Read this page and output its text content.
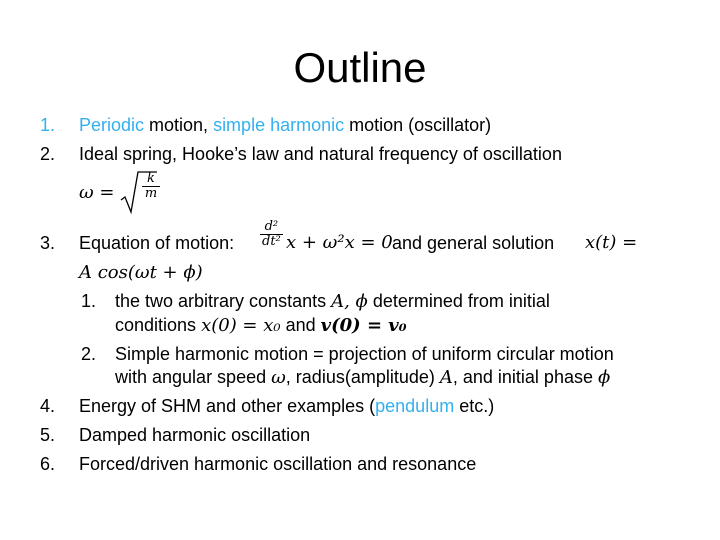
Outline
1. Periodic motion, simple harmonic motion (oscillator)
2. Ideal spring, Hooke’s law and natural frequency of oscillation
$\omega = \frac{k}{m}$
3. Equation of motion: $\frac{\text{d²}}{\text{dt²}}$ x + ω²x = 0 and general solution x(t) =
A cos(ωt + ϕ)
1. the two arbitrary constants A, ϕ determined from initial
conditions x(0) = x₀ and v(0) = v₀
2. Simple harmonic motion = projection of uniform circular motion
with angular speed ω, radius(amplitude) A, and initial phase ϕ
4. Energy of SHM and other examples (pendulum etc.)
5. Damped harmonic oscillation
6. Forced/driven harmonic oscillation and resonance
